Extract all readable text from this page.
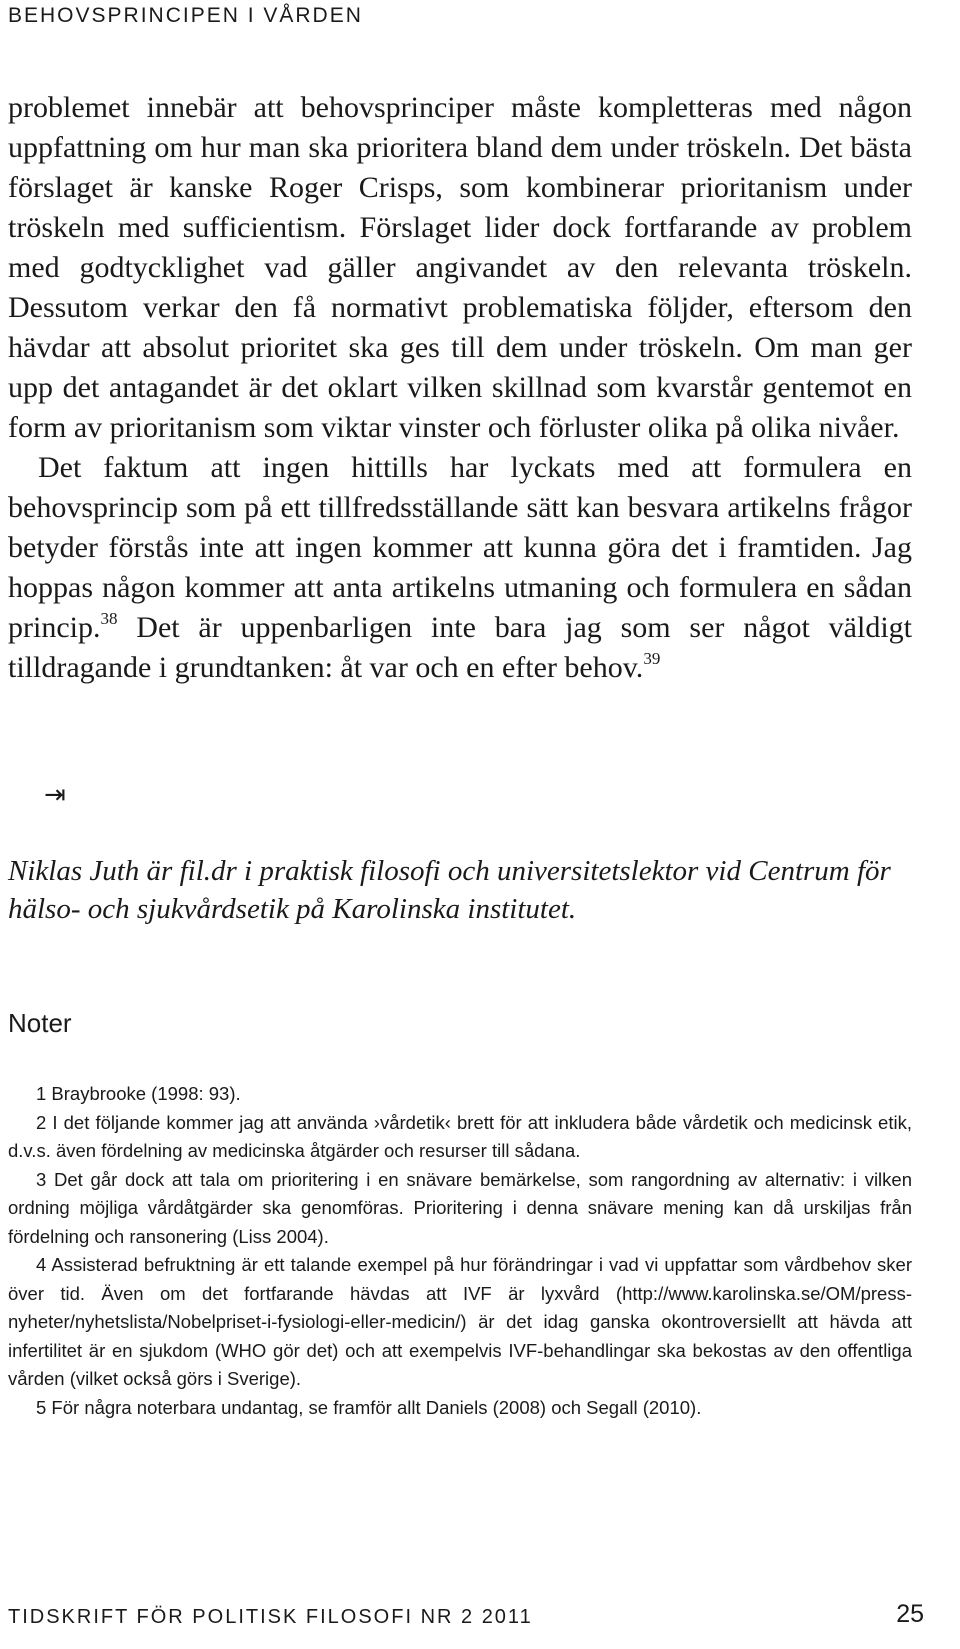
BEHOVSPRINCIPEN I VÅRDEN

problemet innebär att behovsprinciper måste kompletteras med någon uppfattning om hur man ska prioritera bland dem under tröskeln. Det bästa förslaget är kanske Roger Crisps, som kombinerar prioritanism under tröskeln med sufficientism. Förslaget lider dock fortfarande av problem med godtycklighet vad gäller angivandet av den relevanta tröskeln. Dessutom verkar den få normativt problematiska följder, eftersom den hävdar att absolut prioritet ska ges till dem under tröskeln. Om man ger upp det antagandet är det oklart vilken skillnad som kvarstår gentemot en form av prioritanism som viktar vinster och förluster olika på olika nivåer.

Det faktum att ingen hittills har lyckats med att formulera en behovsprincip som på ett tillfredsställande sätt kan besvara artikelns frågor betyder förstås inte att ingen kommer att kunna göra det i framtiden. Jag hoppas någon kommer att anta artikelns utmaning och formulera en sådan princip.$^{38}$ Det är uppenbarligen inte bara jag som ser något väldigt tilldragande i grundtanken: åt var och en efter behov.$^{39}$

⇥
Niklas Juth är fil.dr i praktisk filosofi och universitetslektor vid Centrum för hälso- och sjukvårdsetik på Karolinska institutet.
Noter

1 Braybrooke (1998: 93).

2 I det följande kommer jag att använda ›vårdetik‹ brett för att inkludera både vårdetik och medicinsk etik, d.v.s. även fördelning av medicinska åtgärder och resurser till sådana.

3 Det går dock att tala om prioritering i en snävare bemärkelse, som rangordning av alternativ: i vilken ordning möjliga vårdåtgärder ska genomföras. Prioritering i denna snävare mening kan då urskiljas från fördelning och ransonering (Liss 2004).

4 Assisterad befruktning är ett talande exempel på hur förändringar i vad vi uppfattar som vårdbehov sker över tid. Även om det fortfarande hävdas att IVF är lyxvård (http://www.karolinska.se/OM/press-nyheter/nyhetslista/Nobelpriset-i-fysiologi-eller-medicin/) är det idag ganska okontroversiellt att hävda att infertilitet är en sjukdom (WHO gör det) och att exempelvis IVF-behandlingar ska bekostas av den offentliga vården (vilket också görs i Sverige).

5 För några noterbara undantag, se framför allt Daniels (2008) och Segall (2010).

TIDSKRIFT FÖR POLITISK FILOSOFI NR 2 2011	25
